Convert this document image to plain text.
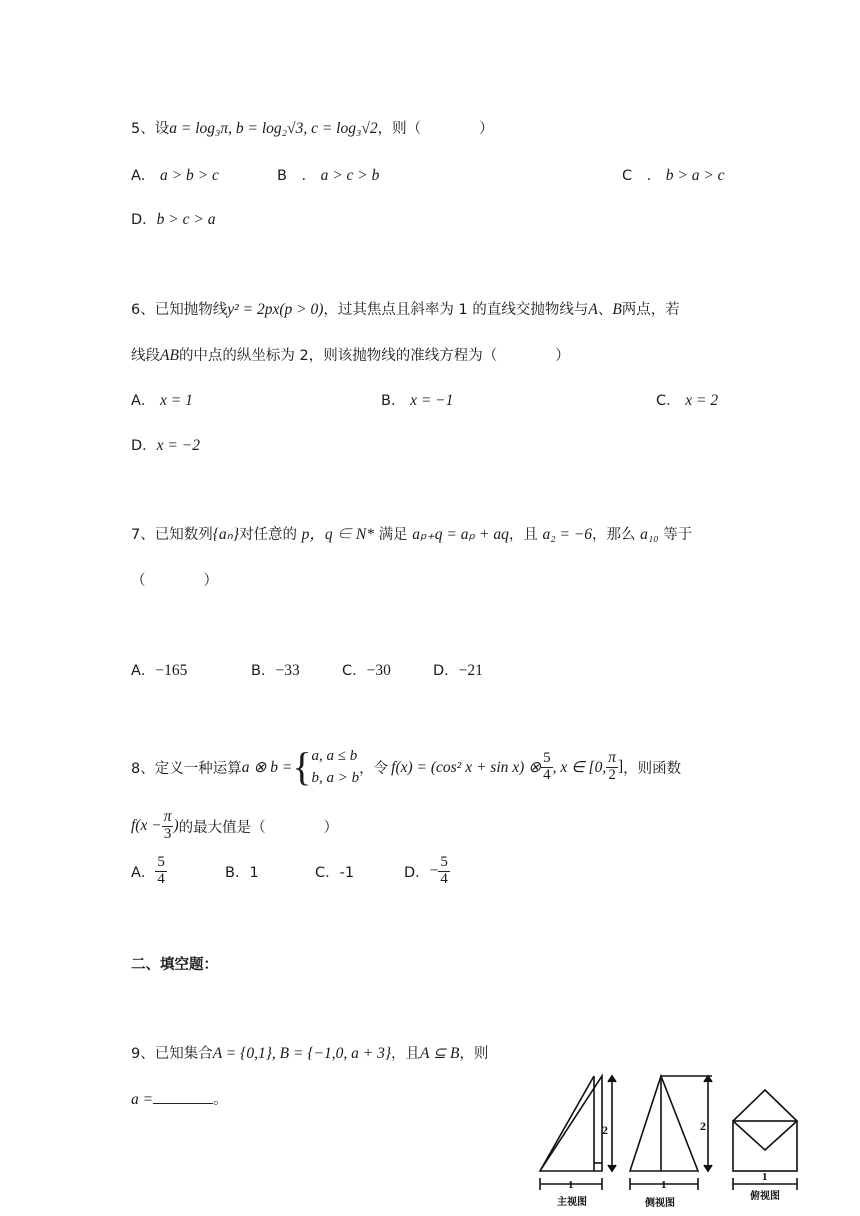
5、设a = log₃π, b = log₂√3, c = log₃√2，则（　　　　）
A． a > b > c	B　． a > c > b	C　． b > a > c
D．b > c > a
6、已知抛物线y² = 2px(p > 0)，过其焦点且斜率为 1 的直线交抛物线与A、B两点，若
线段AB的中点的纵坐标为 2，则该抛物线的准线方程为（　　　　）
A． x = 1	B． x = −1	C． x = 2
D．x = −2
7、已知数列{aₙ}对任意的 p，q ∈ N* 满足 aₚ₊q = aₚ + aq，且 a₂ = −6，那么 a₁₀ 等于
（　　　　）
A．−165	B．−33	C．−30	D．−21
8、定义一种运算 a ⊗ b = { a, a ≤ b
b, a > b
，令 f(x) = (cos² x + sin x) ⊗ $\frac{5}{4}$ , x ∈ [0, $\frac{\pi}{2}$ ] ，则函数
$f(x - \frac{\pi}{3}$ ) 的最大值是（　　　　）
A． $\frac{5}{4}$	B．1	C．-1	D． − $\frac{5}{4}$
二、填空题：
9、已知集合A = {0,1}, B = {−1,0, a + 3}，且A ⊆ B，则
a =	。
2	2
1	1
1
主视图	侧视图
俯视图
